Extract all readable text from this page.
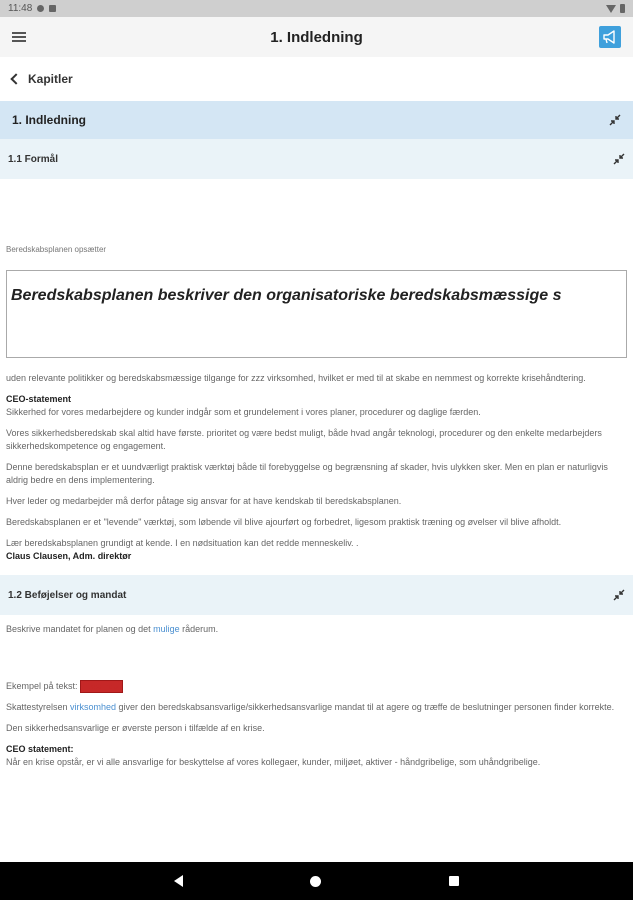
11:48
1. Indledning
Kapitler
1. Indledning
1.1 Formål
Beredskabsplanen opsætter
Beredskabsplanen beskriver den organisatoriske beredskabsmæssige s
uden relevante politikker og beredskabsmæssige tilgange for zzz virksomhed, hvilket er med til at skabe en nemmest og korrekte krisehåndtering.
CEO-statement
Sikkerhed for vores medarbejdere og kunder indgår som et grundelement i vores planer, procedurer og daglige færden.
Vores sikkerhedsberedskab skal altid have første. prioritet og være bedst muligt, både hvad angår teknologi, procedurer og den enkelte medarbejders sikkerhedskompetence og engagement.
Denne beredskabsplan er et uundværligt praktisk værktøj både til forebyggelse og begrænsning af skader, hvis ulykken sker. Men en plan er naturligvis aldrig bedre en dens implementering.
Hver leder og medarbejder må derfor påtage sig ansvar for at have kendskab til beredskabsplanen.
Beredskabsplanen er et "levende" værktøj, som løbende vil blive ajourført og forbedret, ligesom praktisk træning og øvelser vil blive afholdt.
Lær beredskabsplanen grundigt at kende. I en nødsituation kan det redde menneskeliv. .
Claus Clausen, Adm. direktør
1.2 Beføjelser og mandat
Beskrive mandatet for planen og det mulige råderum.
Ekempel på tekst: Eksempel
Skattestyrelsen virksomhed giver den beredskabsansvarlige/sikkerhedsansvarlige mandat til at agere og træffe de beslutninger personen finder korrekte.
Den sikkerhedsansvarlige er øverste person i tilfælde af en krise.
CEO statement:
Når en krise opstår, er vi alle ansvarlige for beskyttelse af vores kollegaer, kunder, miljøet, aktiver - håndgribelige, som uhåndgribelige.
